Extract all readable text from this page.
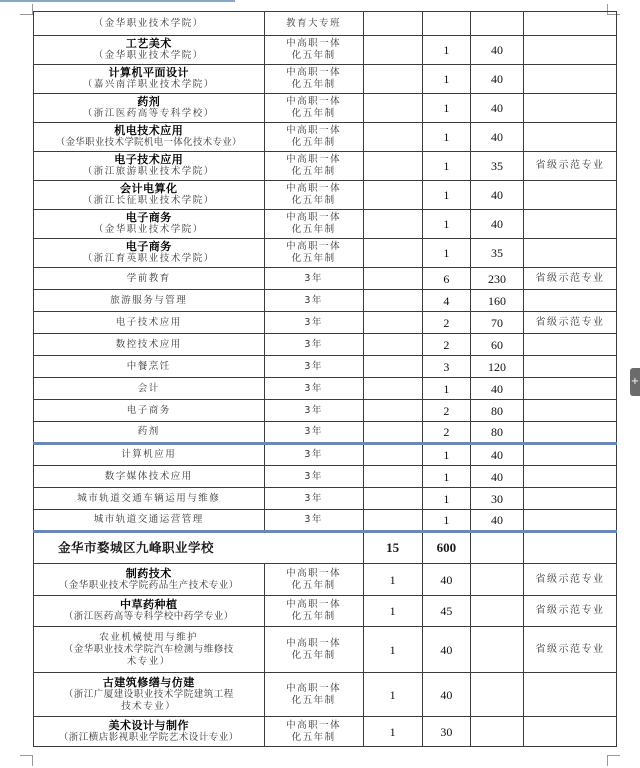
+
（金华职业技术学院）	教育大专班				

工艺美术
（金华职业技术学院）	中高职一体
化五年制		1	40	

计算机平面设计
（嘉兴南洋职业技术学院）	中高职一体
化五年制		1	40	

药剂
（浙江医药高等专科学校）	中高职一体
化五年制		1	40	

机电技术应用
（金华职业技术学院机电一体化技术专业）	中高职一体
化五年制		1	40	

电子技术应用
（浙江旅游职业技术学院）	中高职一体
化五年制		1	35	省级示范专业

会计电算化
（浙江长征职业技术学院）	中高职一体
化五年制		1	40	

电子商务
（金华职业技术学院）	中高职一体
化五年制		1	40	

电子商务
（浙江育英职业技术学院）	中高职一体
化五年制		1	35	
学前教育	3年		6	230	省级示范专业
旅游服务与管理	3年		4	160	
电子技术应用	3年		2	70	省级示范专业
数控技术应用	3年		2	60	
中餐烹饪	3年		3	120	
会计	3年		1	40	
电子商务	3年		2	80	
药剂	3年		2	80	
计算机应用	3年		1	40	
数字媒体技术应用	3年		1	40	
城市轨道交通车辆运用与维修	3年		1	30	
城市轨道交通运营管理	3年		1	40	
金华市婺城区九峰职业学校		15	600		

制药技术
（金华职业技术学院药品生产技术专业）	中高职一体
化五年制	1	40		省级示范专业

中草药种植
（浙江医药高等专科学校中药学专业）	中高职一体
化五年制	1	45		省级示范专业

农业机械使用与维护
（金华职业技术学院汽车检测与维修技
术专业）	中高职一体
化五年制	1	40		省级示范专业

古建筑修缮与仿建
（浙江广厦建设职业技术学院建筑工程
技术专业）	中高职一体
化五年制	1	40		

美术设计与制作
（浙江横店影视职业学院艺术设计专业）	中高职一体
化五年制	1	30		
